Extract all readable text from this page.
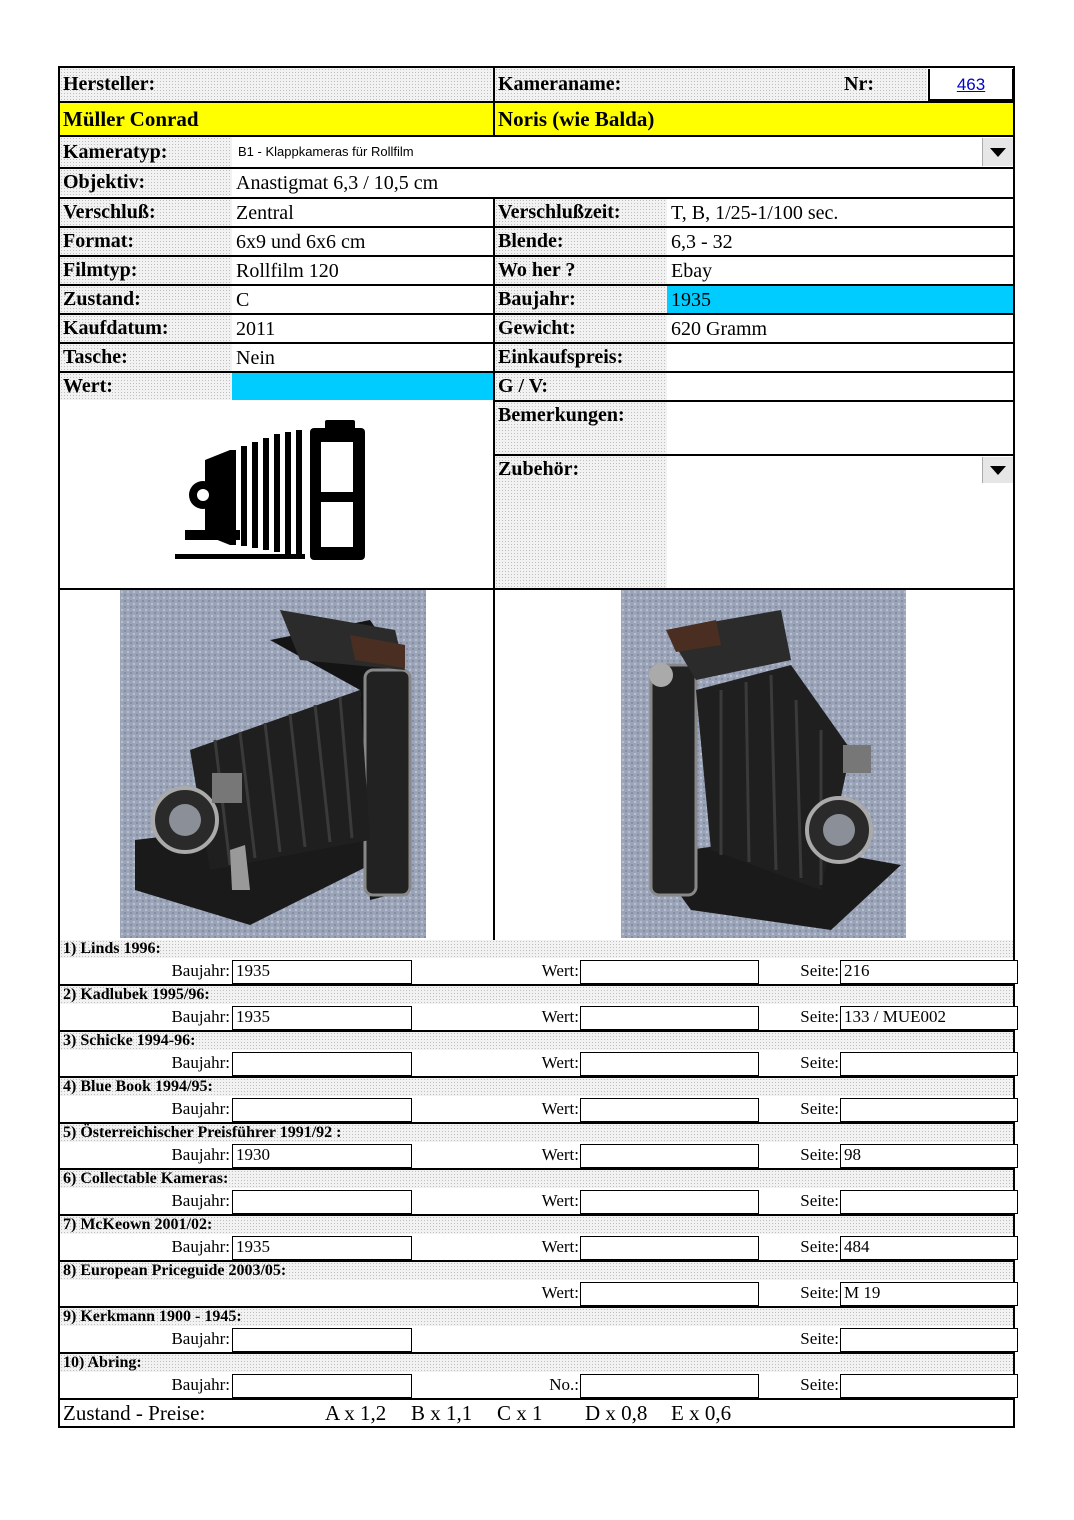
Hersteller:	Kameraname:	Nr:	463
Müller Conrad	Noris (wie Balda)
Kameratyp:	B1 - Klappkameras für Rollfilm
Objektiv:	Anastigmat 6,3 / 10,5 cm
Zustand - Preise:	A x 1,2 B x 1,1 C x 1 D x 0,8 E x 0,6
Verschluß:	Zentral	Verschlußzeit:	T, B, 1/25-1/100 sec.
Format:	6x9 und 6x6 cm	Blende:	6,3 - 32
Filmtyp:	Rollfilm 120	Wo her ?	Ebay
Zustand:	C	Baujahr:	1935
Kaufdatum:	2011	Gewicht:	620 Gramm
Tasche:	Nein	Einkaufspreis:
Wert:	G / V:
Bemerkungen:
Zubehör:
1) Linds 1996:
Baujahr: 1935	Wert:	Seite: 216
2) Kadlubek 1995/96:
Baujahr: 1935	Wert:	Seite: 133 / MUE002
3) Schicke 1994-96:
Baujahr:	Wert:	Seite:
4) Blue Book 1994/95:
Baujahr:	Wert:	Seite:
5) Österreichischer Preisführer 1991/92 :
Baujahr: 1930	Wert:	Seite: 98
6) Collectable Kameras:
Baujahr:	Wert:	Seite:
7) McKeown 2001/02:
Baujahr: 1935	Wert:	Seite: 484
8) European Priceguide 2003/05:
Wert:	Seite: M 19
9) Kerkmann 1900 - 1945:
Baujahr:	Seite:
10) Abring:
Baujahr:	No.:	Seite:
